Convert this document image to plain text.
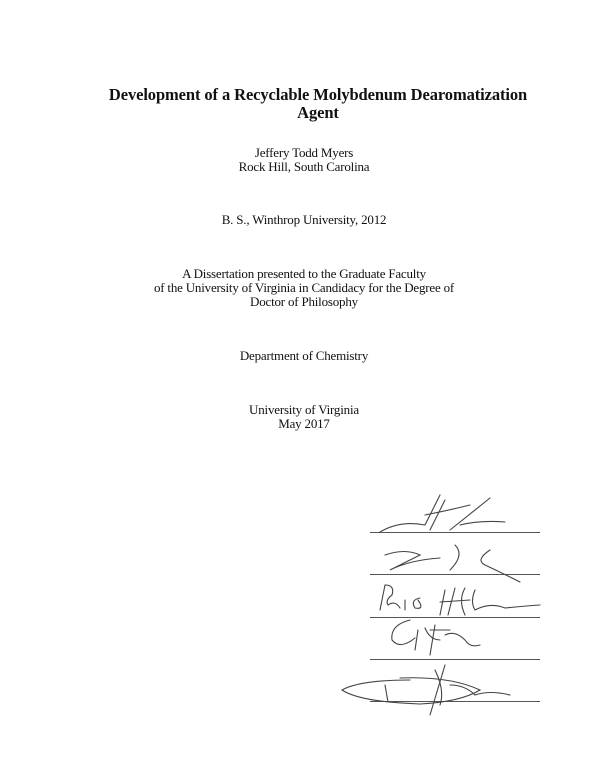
Development of a Recyclable Molybdenum Dearomatization
Agent
Jeffery Todd Myers
Rock Hill, South Carolina
B. S., Winthrop University, 2012
A Dissertation presented to the Graduate Faculty
of the University of Virginia in Candidacy for the Degree of
Doctor of Philosophy
Department of Chemistry
University of Virginia
May 2017
